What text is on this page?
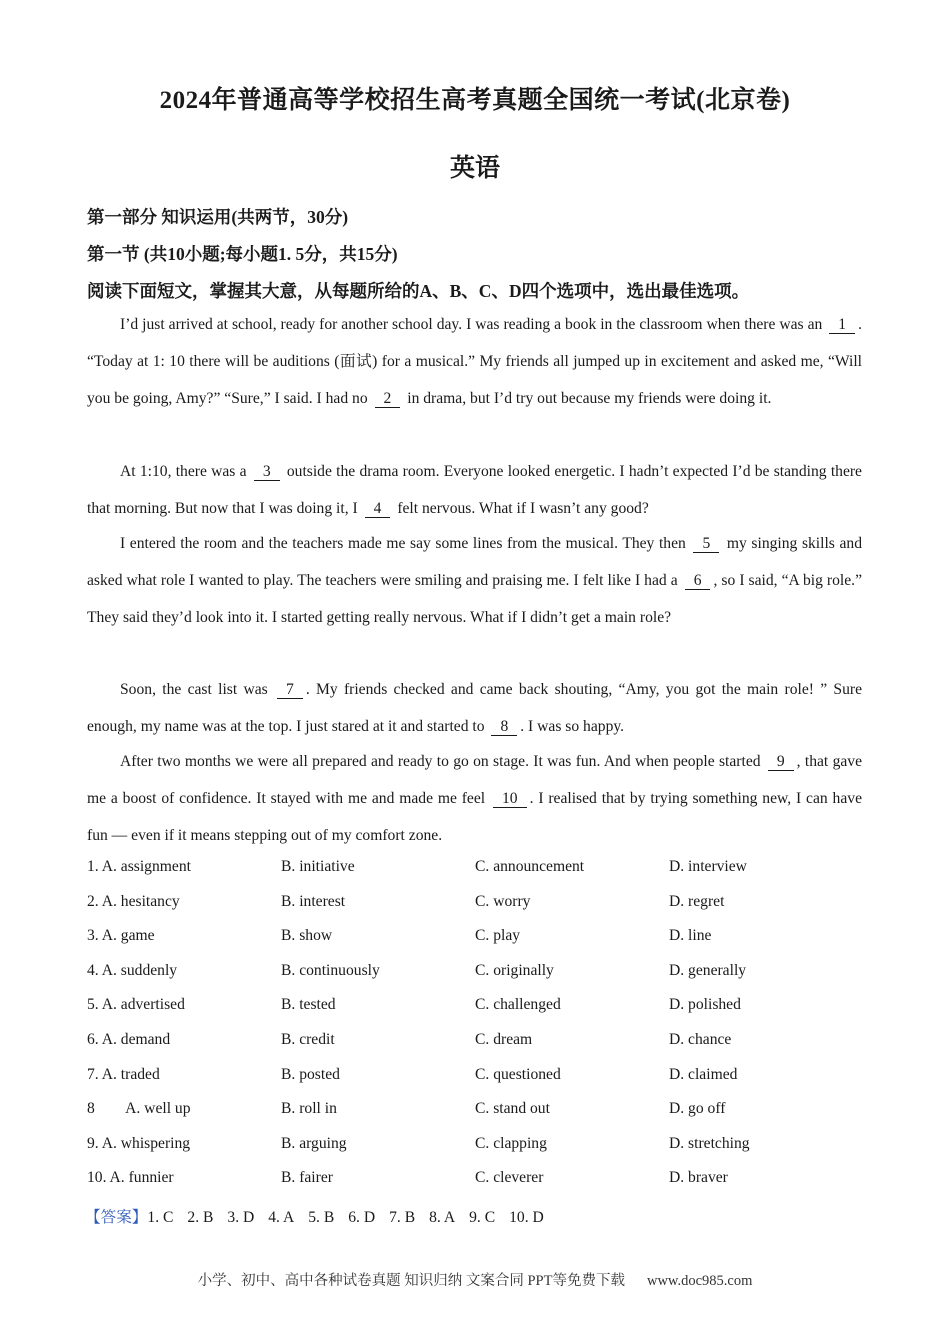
2024年普通高等学校招生高考真题全国统一考试(北京卷)
英语
第一部分 知识运用(共两节，30分)
第一节 (共10小题;每小题1. 5分，共15分)
阅读下面短文，掌握其大意，从每题所给的A、B、C、D四个选项中，选出最佳选项。
I’d just arrived at school, ready for another school day. I was reading a book in the classroom when there was an 1 . “Today at 1: 10 there will be auditions (面试) for a musical.” My friends all jumped up in excitement and asked me, “Will you be going, Amy?” “Sure,” I said. I had no 2 in drama, but I’d try out because my friends were doing it.
At 1:10, there was a 3 outside the drama room. Everyone looked energetic. I hadn’t expected I’d be standing there that morning. But now that I was doing it, I 4 felt nervous. What if I wasn’t any good?
I entered the room and the teachers made me say some lines from the musical. They then 5 my singing skills and asked what role I wanted to play. The teachers were smiling and praising me. I felt like I had a 6 , so I said, “A big role.” They said they’d look into it. I started getting really nervous. What if I didn’t get a main role?
Soon, the cast list was 7 . My friends checked and came back shouting, “Amy, you got the main role! ” Sure enough, my name was at the top. I just stared at it and started to 8 . I was so happy.
After two months we were all prepared and ready to go on stage. It was fun. And when people started 9 , that gave me a boost of confidence. It stayed with me and made me feel 10 . I realised that by trying something new, I can have fun — even if it means stepping out of my comfort zone.
1. A. assignment	B. initiative	C. announcement	D. interview
2. A. hesitancy	B. interest	C. worry	D. regret
3. A. game	B. show	C. play	D. line
4. A. suddenly	B. continuously	C. originally	D. generally
5. A. advertised	B. tested	C. challenged	D. polished
6. A. demand	B. credit	C. dream	D. chance
7. A. traded	B. posted	C. questioned	D. claimed
8        A. well up	B. roll in	C. stand out	D. go off
9. A. whispering	B. arguing	C. clapping	D. stretching
10. A. funnier	B. fairer	C. cleverer	D. braver
【答案】1. C 2. B 3. D 4. A 5. B 6. D 7. B 8. A 9. C 10. D
小学、初中、高中各种试卷真题 知识归纳 文案合同 PPT等免费下载 www.doc985.com
